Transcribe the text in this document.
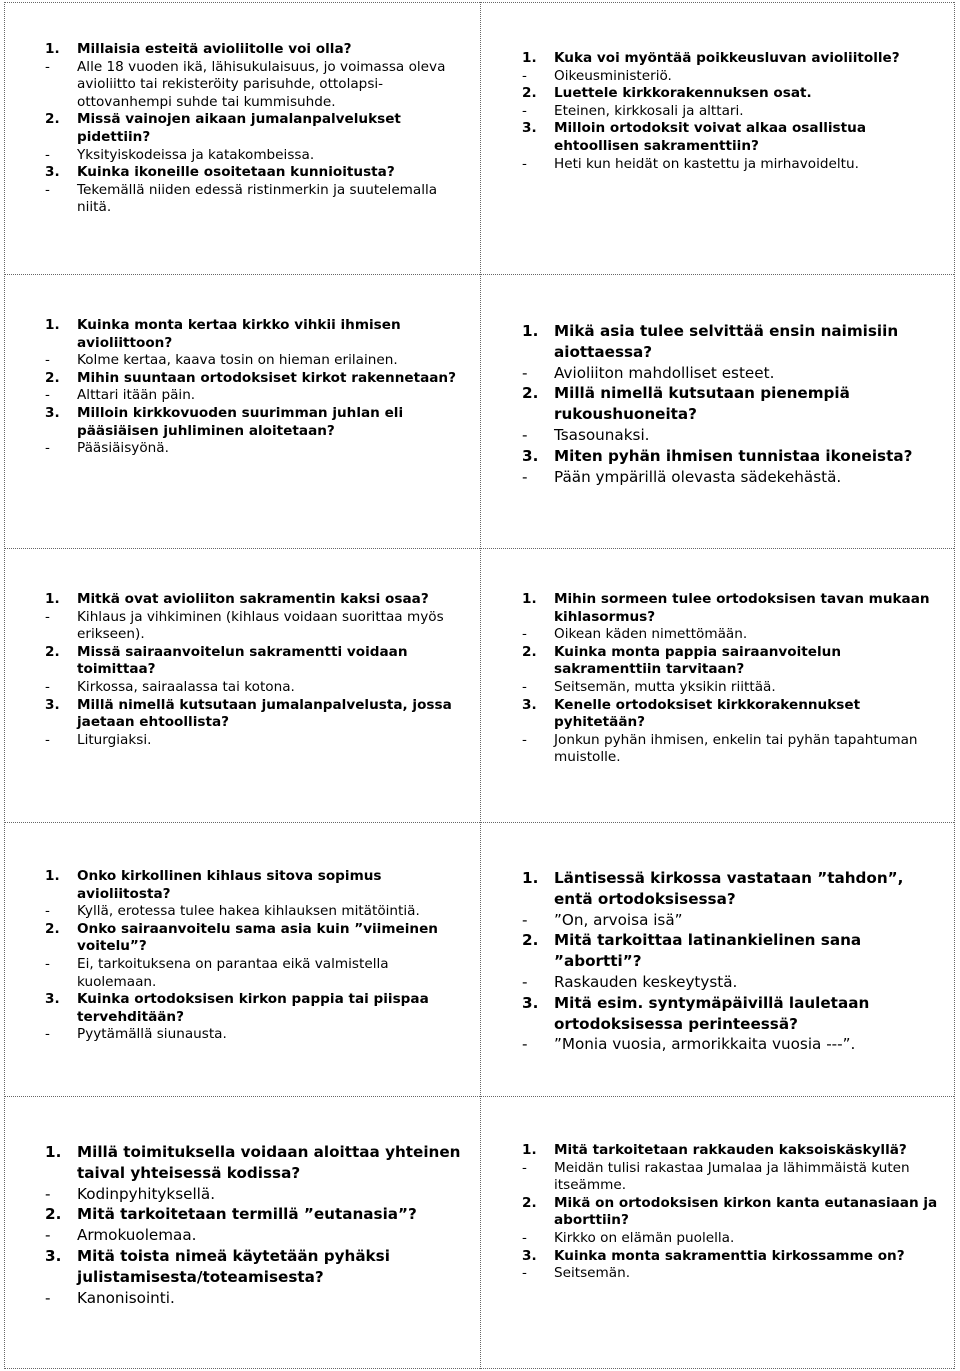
1. Millaisia esteitä avioliitolle voi olla?

- Alle 18 vuoden ikä, lähisukulaisuus, jo voimassa oleva avioliitto tai rekisteröity parisuhde, ottolapsi-ottovanhempi suhde tai kummisuhde.

2. Missä vainojen aikaan jumalanpalvelukset pidettiin?

- Yksityiskodeissa ja katakombeissa.

3. Kuinka ikoneille osoitetaan kunnioitusta?

- Tekemällä niiden edessä ristinmerkin ja suutelemalla niitä.

1. Kuka voi myöntää poikkeusluvan avioliitolle?

- Oikeusministeriö.

2. Luettele kirkkorakennuksen osat.

- Eteinen, kirkkosali ja alttari.

3. Milloin ortodoksit voivat alkaa osallistua ehtoollisen sakramenttiin?

- Heti kun heidät on kastettu ja mirhavoideltu.

1. Kuinka monta kertaa kirkko vihkii ihmisen avioliittoon?

- Kolme kertaa, kaava tosin on hieman erilainen.

2. Mihin suuntaan ortodoksiset kirkot rakennetaan?

- Alttari itään päin.

3. Milloin kirkkovuoden suurimman juhlan eli pääsiäisen juhliminen aloitetaan?

- Pääsiäisyönä.

1. Mikä asia tulee selvittää ensin naimisiin aiottaessa?

- Avioliiton mahdolliset esteet.

2. Millä nimellä kutsutaan pienempiä rukoushuoneita?

- Tsasounaksi.

3. Miten pyhän ihmisen tunnistaa ikoneista?

- Pään ympärillä olevasta sädekehästä.

1. Mitkä ovat avioliiton sakramentin kaksi osaa?

- Kihlaus ja vihkiminen (kihlaus voidaan suorittaa myös erikseen).

2. Missä sairaanvoitelun sakramentti voidaan toimittaa?

- Kirkossa, sairaalassa tai kotona.

3. Millä nimellä kutsutaan jumalanpalvelusta, jossa jaetaan ehtoollista?

- Liturgiaksi.

1. Mihin sormeen tulee ortodoksisen tavan mukaan kihlasormus?

- Oikean käden nimettömään.

2. Kuinka monta pappia sairaanvoitelun sakramenttiin tarvitaan?

- Seitsemän, mutta yksikin riittää.

3. Kenelle ortodoksiset kirkkorakennukset pyhitetään?

- Jonkun pyhän ihmisen, enkelin tai pyhän tapahtuman muistolle.

1. Onko kirkollinen kihlaus sitova sopimus avioliitosta?

- Kyllä, erotessa tulee hakea kihlauksen mitätöintiä.

2. Onko sairaanvoitelu sama asia kuin ”viimeinen voitelu”?

- Ei, tarkoituksena on parantaa eikä valmistella kuolemaan.

3. Kuinka ortodoksisen kirkon pappia tai piispaa tervehditään?

- Pyytämällä siunausta.

1. Läntisessä kirkossa vastataan ”tahdon”, entä ortodoksisessa?

- ”On, arvoisa isä”

2. Mitä tarkoittaa latinankielinen sana ”abortti”?

- Raskauden keskeytystä.

3. Mitä esim. syntymäpäivillä lauletaan ortodoksisessa perinteessä?

- ”Monia vuosia, armorikkaita vuosia ---”.

1. Millä toimituksella voidaan aloittaa yhteinen taival yhteisessä kodissa?

- Kodinpyhityksellä.

2. Mitä tarkoitetaan termillä ”eutanasia”?

- Armokuolemaa.

3. Mitä toista nimeä käytetään pyhäksi julistamisesta/toteamisesta?

- Kanonisointi.

1. Mitä tarkoitetaan rakkauden kaksoiskäskyllä?

- Meidän tulisi rakastaa Jumalaa ja lähimmäistä kuten itseämme.

2. Mikä on ortodoksisen kirkon kanta eutanasiaan ja aborttiin?

- Kirkko on elämän puolella.

3. Kuinka monta sakramenttia kirkossamme on?

- Seitsemän.
